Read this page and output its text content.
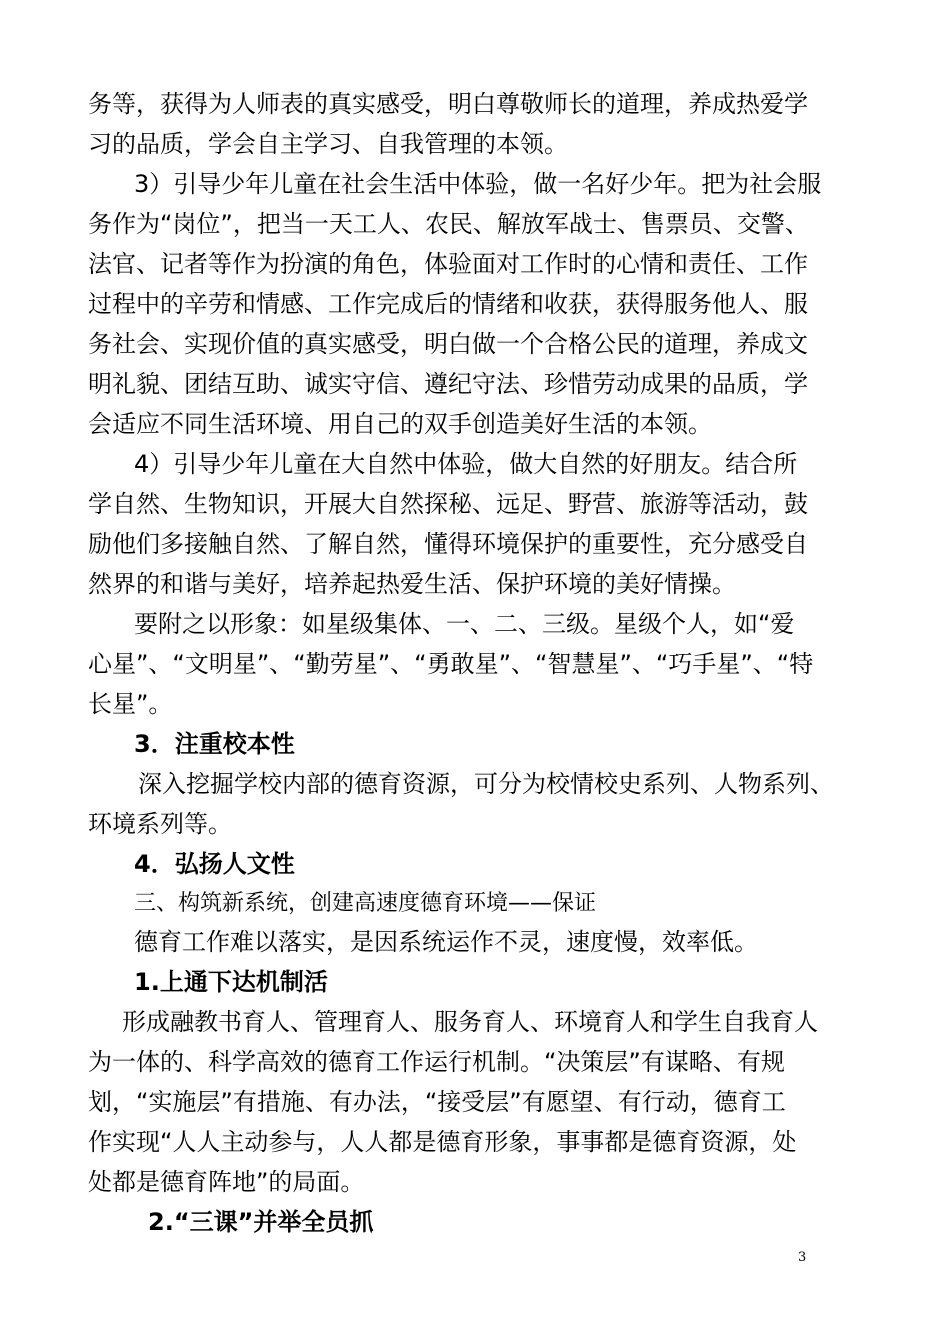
务等，获得为人师表的真实感受，明白尊敬师长的道理，养成热爱学
习的品质，学会自主学习、自我管理的本领。
3）引导少年儿童在社会生活中体验，做一名好少年。把为社会服
务作为“岗位”，把当一天工人、农民、解放军战士、售票员、交警、
法官、记者等作为扮演的角色，体验面对工作时的心情和责任、工作
过程中的辛劳和情感、工作完成后的情绪和收获，获得服务他人、服
务社会、实现价值的真实感受，明白做一个合格公民的道理，养成文
明礼貌、团结互助、诚实守信、遵纪守法、珍惜劳动成果的品质，学
会适应不同生活环境、用自己的双手创造美好生活的本领。
4）引导少年儿童在大自然中体验，做大自然的好朋友。结合所
学自然、生物知识，开展大自然探秘、远足、野营、旅游等活动，鼓
励他们多接触自然、了解自然，懂得环境保护的重要性，充分感受自
然界的和谐与美好，培养起热爱生活、保护环境的美好情操。
要附之以形象：如星级集体、一、二、三级。星级个人，如“爱
心星”、“文明星”、“勤劳星”、“勇敢星”、“智慧星”、“巧手星”、“特
长星”。
3．注重校本性
深入挖掘学校内部的德育资源，可分为校情校史系列、人物系列、
环境系列等。
4．弘扬人文性
三、构筑新系统，创建高速度德育环境——保证
德育工作难以落实，是因系统运作不灵，速度慢，效率低。
1.上通下达机制活
形成融教书育人、管理育人、服务育人、环境育人和学生自我育人
为一体的、科学高效的德育工作运行机制。“决策层”有谋略、有规
划，“实施层”有措施、有办法，“接受层”有愿望、有行动，德育工
作实现“人人主动参与，人人都是德育形象，事事都是德育资源，处
处都是德育阵地”的局面。
2.“三课”并举全员抓
3
